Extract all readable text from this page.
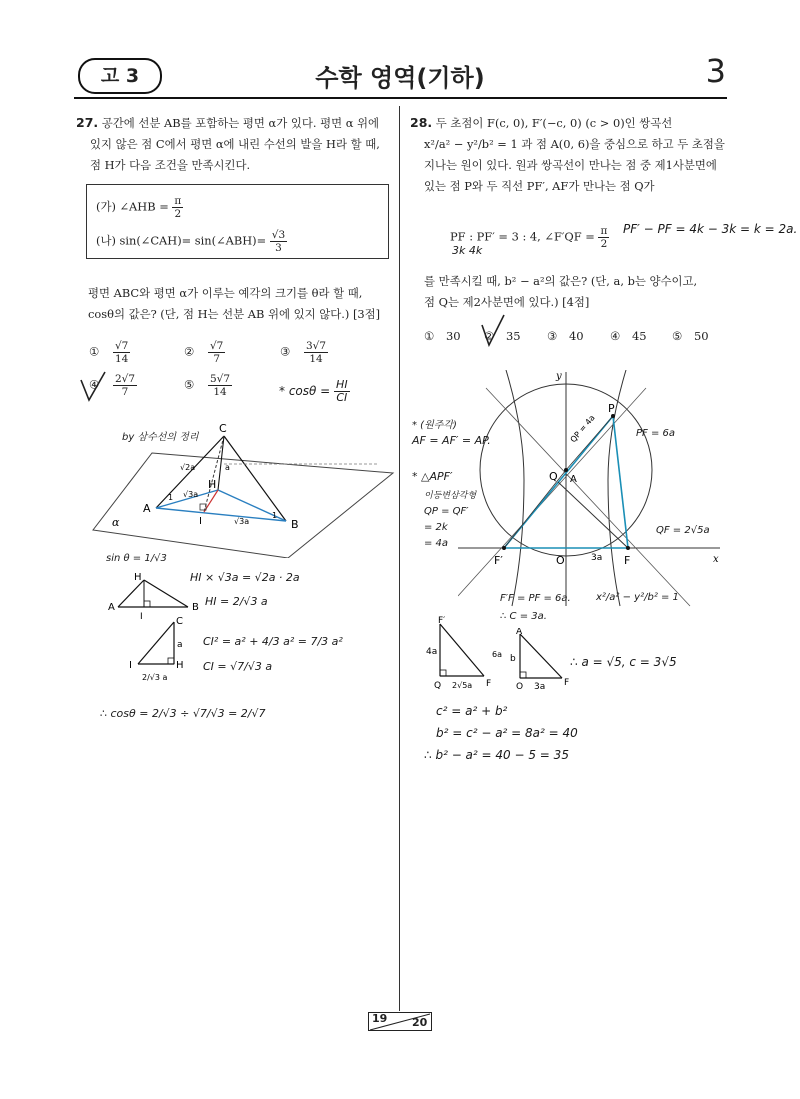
고 3	수학 영역(기하)	3
27. 공간에 선분 AB를 포함하는 평면 α가 있다. 평면 α 위에
있지 않은 점 C에서 평면 α에 내린 수선의 발을 H라 할 때,
점 H가 다음 조건을 만족시킨다.
(가) ∠AHB = $\frac{\pi}{2}$
(나) sin(∠CAH)= sin(∠ABH)= $\frac{√3}{3}$
평면 ABC와 평면 α가 이루는 예각의 크기를 θ라 할 때,
cosθ의 값은? (단, 점 H는 선분 AB 위에 있지 않다.) [3점]
① $\frac{√7}{14}$	② $\frac{√7}{7}$	③ $\frac{3√7}{14}$
④ $\frac{2√7}{7}$	⑤ $\frac{5√7}{14}$	* $\cos\theta = \frac{HI}{CI}$
by 삼수선의 정리
C
H
A
B
I
α
√2a	a
√3a
√3a
1
1
sin θ = 1/√3
HI × √3a = √2a · 2a
HI = 2/√3 a
H
A
I
B
C
I	H
a
2/√3 a
CI² = a² + 4/3 a² = 7/3 a²
CI = √7/√3 a
∴ cosθ = 2/√3 ÷ √7/√3 = 2/√7
28. 두 초점이 F(c, 0), F′(−c, 0) (c > 0)인 쌍곡선
x²/a² − y²/b² = 1 과 점 A(0, 6)을 중심으로 하고 두 초점을
지나는 원이 있다. 원과 쌍곡선이 만나는 점 중 제1사분면에
있는 점 P와 두 직선 PF′, AF가 만나는 점 Q가
PF : PF′ = 3 : 4, ∠F′QF = $\frac{\pi}{2}$
3k 4k
PF′ − PF = 4k − 3k = k = 2a.
를 만족시킬 때, b² − a²의 값은? (단, a, b는 양수이고,
점 Q는 제2사분면에 있다.) [4점]
① 30 ② 35 ③ 40 ④ 45 ⑤ 50
x
y
P
Q A
O	F
F′	3a
QP = 4a
* (원주각)
AF = AF′ = AP.
* △APF′
이등변삼각형
QP = QF′
= 2k
= 4a
PF = 6a
QF = 2√5a
F′F = PF = 6a.
∴ C = 3a.
x²/a² − y²/b² = 1
F′
4a
Q 2√5a F
6a
A
b
O 3a F
∴ a = √5, c = 3√5
c² = a² + b²
b² = c² − a² = 8a² = 40
∴ b² − a² = 40 − 5 = 35
19 20
